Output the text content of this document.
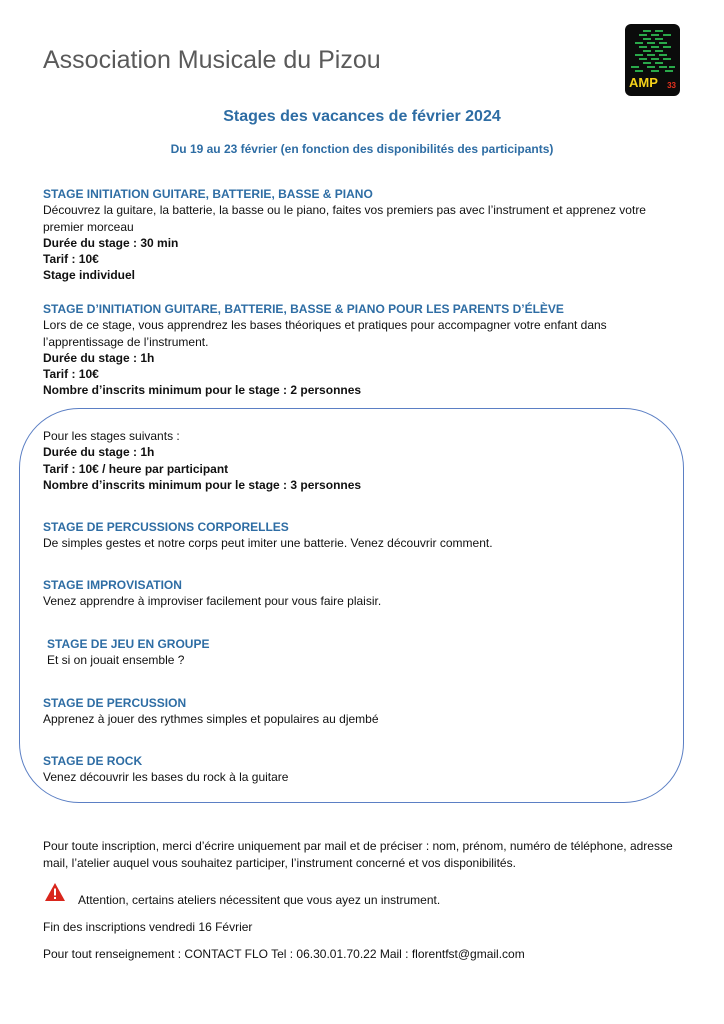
Association Musicale du Pizou
AMP 33
Stages des vacances de février 2024
Du 19 au 23 février (en fonction des disponibilités des participants)
STAGE INITIATION GUITARE, BATTERIE, BASSE & PIANO
Découvrez la guitare, la batterie, la basse ou le piano, faites vos premiers pas avec l’instrument et apprenez votre premier morceau
Durée du stage : 30 min
Tarif : 10€
Stage individuel
STAGE D’INITIATION GUITARE, BATTERIE, BASSE & PIANO POUR LES PARENTS D’ÉLÈVE
Lors de ce stage, vous apprendrez les bases théoriques et pratiques pour accompagner votre enfant dans l’apprentissage de l’instrument.
Durée du stage : 1h
Tarif : 10€
Nombre d’inscrits minimum pour le stage : 2 personnes
Pour les stages suivants :
Durée du stage : 1h
Tarif : 10€ / heure par participant
Nombre d’inscrits minimum pour le stage : 3 personnes
STAGE DE PERCUSSIONS CORPORELLES
De simples gestes et notre corps peut imiter une batterie. Venez découvrir comment.
STAGE IMPROVISATION
Venez apprendre à improviser facilement pour vous faire plaisir.
STAGE DE JEU EN GROUPE
Et si on jouait ensemble ?
STAGE DE PERCUSSION
Apprenez à jouer des rythmes simples et populaires au djembé
STAGE DE ROCK
Venez découvrir les bases du rock à la guitare
Pour toute inscription, merci d’écrire uniquement par mail et de préciser : nom, prénom, numéro de téléphone, adresse mail, l’atelier auquel vous souhaitez participer, l’instrument concerné et vos disponibilités.
Attention, certains ateliers nécessitent que vous ayez un instrument.
Fin des inscriptions vendredi 16 Février
Pour tout renseignement : CONTACT FLO Tel : 06.30.01.70.22 Mail : florentfst@gmail.com
